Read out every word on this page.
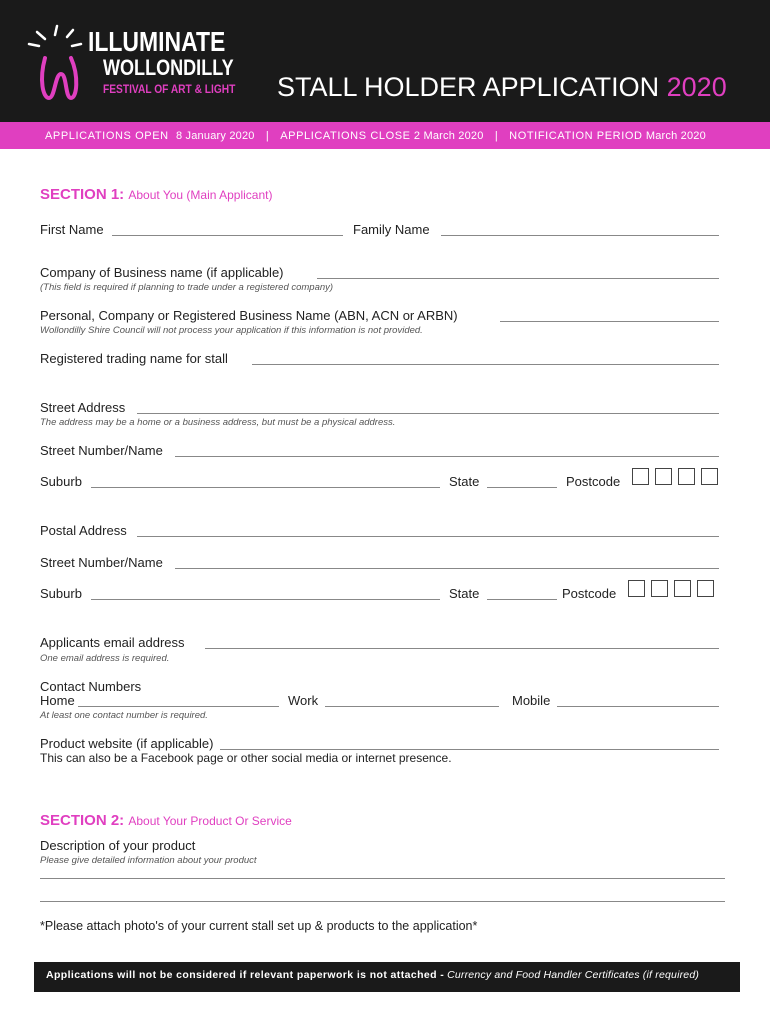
ILLUMINATE
WOLLONDILLY
FESTIVAL OF ART & LIGHT STALL HOLDER APPLICATION 2020
APPLICATIONS OPEN 8 January 2020 | APPLICATIONS CLOSE 2 March 2020 | NOTIFICATION PERIOD March 2020
SECTION 1: About You (Main Applicant)
First Name	Family Name
Company of Business name (if applicable)
(This field is required if planning to trade under a registered company)
Personal, Company or Registered Business Name (ABN, ACN or ARBN)
Wollondilly Shire Council will not process your application if this information is not provided.
Registered trading name for stall
Street Address
The address may be a home or a business address, but must be a physical address.
Street Number/Name
Suburb	State	Postcode
Postal Address
Street Number/Name
Suburb	State	Postcode
Applicants email address
One email address is required.
Contact Numbers
Home	Work	Mobile
At least one contact number is required.
Product website (if applicable)
This can also be a Facebook page or other social media or internet presence.
SECTION 2: About Your Product Or Service
Description of your product
Please give detailed information about your product
*Please attach photo's of your current stall set up & products to the application*
Applications will not be considered if relevant paperwork is not attached - Currency and Food Handler Certificates (if required)
